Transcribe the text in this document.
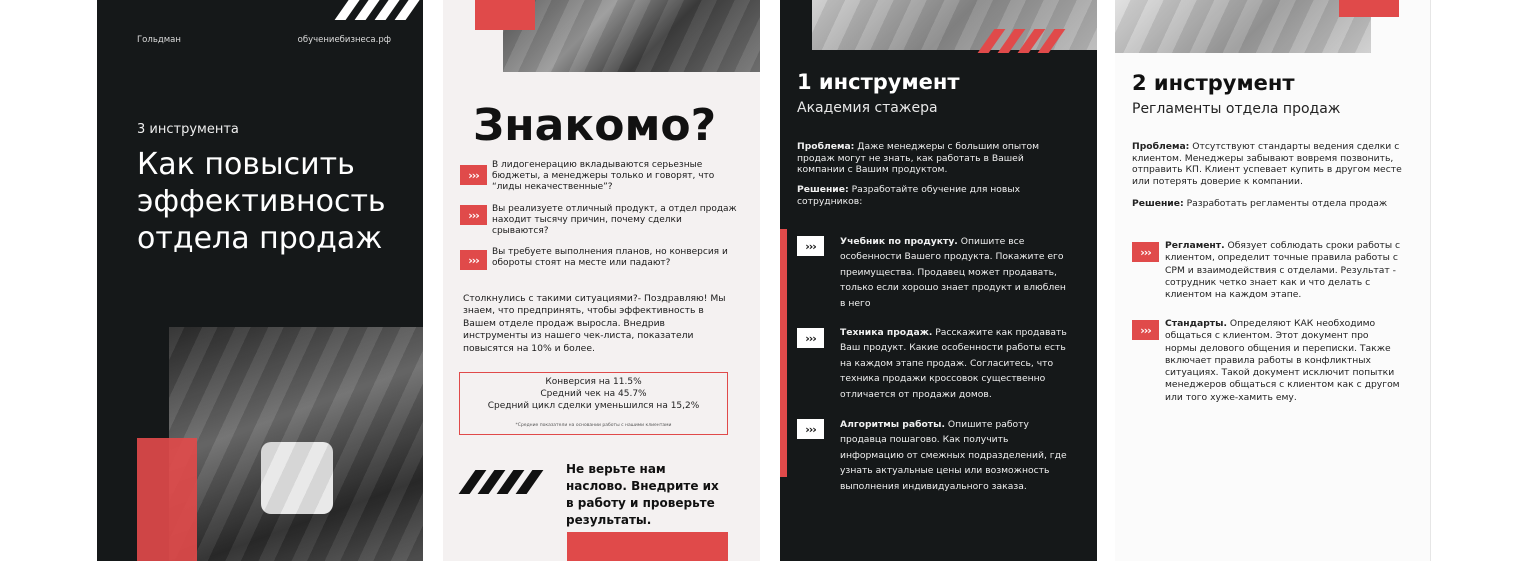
Гольдман	обучениебизнеса.рф
3 инструмента
Как повысить
эффективность
отдела продаж
Знакомо?
›››
В лидогенерацию вкладываются серьезные бюджеты, а менеджеры только и говорят, что “лиды некачественные”?
›››	Вы реализуете отличный продукт, а отдел продаж находит тысячу причин, почему сделки срываются?
›››
Вы требуете выполнения планов, но конверсия и обороты стоят на месте или падают?
Столкнулись с такими ситуациями?- Поздравляю! Мы знаем, что предпринять, чтобы эффективность в Вашем отделе продаж выросла. Внедрив инструменты из нашего чек-листа, показатели повысятся на 10% и более.
Конверсия на 11.5%
Средний чек на 45.7%
Средний цикл сделки уменьшился на 15,2%
*Средние показатели на основании работы с нашими клиентами
Не верьте нам наслово. Внедрите их в работу и проверьте результаты.
1 инструмент
Академия стажера
Проблема: Даже менеджеры с большим опытом продаж могут не знать, как работать в Вашей компании с Вашим продуктом.
Решение: Разработайте обучение для новых сотрудников:
›››	Учебник по продукту. Опишите все особенности Вашего продукта. Покажите его преимущества. Продавец может продавать, только если хорошо знает продукт и влюблен в него
›››	Техника продаж. Расскажите как продавать Ваш продукт. Какие особенности работы есть на каждом этапе продаж. Согласитесь, что техника продажи кроссовок существенно отличается от продажи домов.
›››	Алгоритмы работы. Опишите работу продавца пошагово. Как получить информацию от смежных подразделений, где узнать актуальные цены или возможность выполнения индивидуального заказа.
2 инструмент
Регламенты отдела продаж
Проблема: Отсутствуют стандарты ведения сделки с клиентом. Менеджеры забывают вовремя позвонить, отправить КП. Клиент успевает купить в другом месте или потерять доверие к компании.
Решение: Разработать регламенты отдела продаж
›››	Регламент. Обязует соблюдать сроки работы с клиентом, определит точные правила работы с СРМ и взаимодействия с отделами. Результат - сотрудник четко знает как и что делать с клиентом на каждом этапе.
›››	Стандарты. Определяют КАК необходимо общаться с клиентом. Этот документ про нормы делового общения и переписки. Также включает правила работы в конфликтных ситуациях. Такой документ исключит попытки менеджеров общаться с клиентом как с другом или того хуже-хамить ему.
